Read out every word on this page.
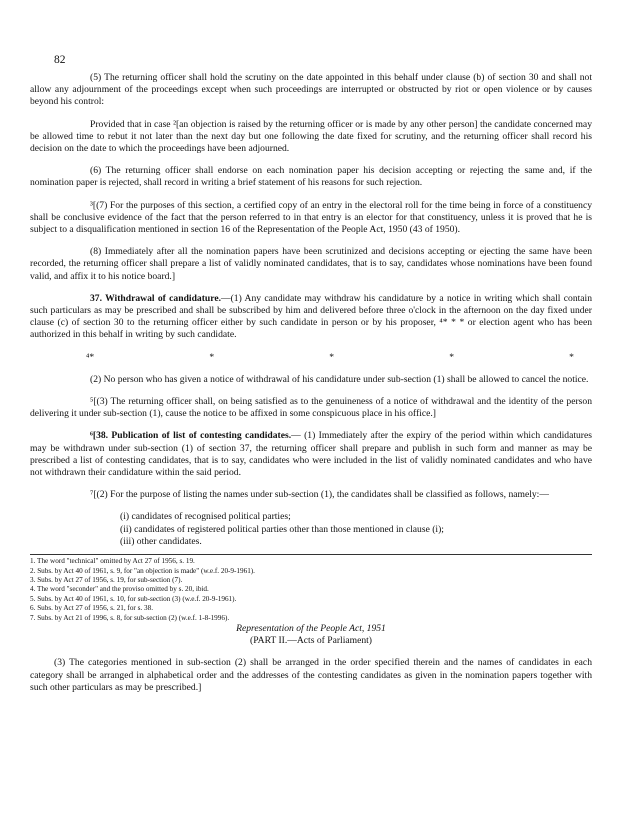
82

(5) The returning officer shall hold the scrutiny on the date appointed in this behalf under clause (b) of section 30 and shall not allow any adjournment of the proceedings except when such proceedings are interrupted or obstructed by riot or open violence or by causes beyond his control:

Provided that in case ²[an objection is raised by the returning officer or is made by any other person] the candidate concerned may be allowed time to rebut it not later than the next day but one following the date fixed for scrutiny, and the returning officer shall record his decision on the date to which the proceedings have been adjourned.

(6) The returning officer shall endorse on each nomination paper his decision accepting or rejecting the same and, if the nomination paper is rejected, shall record in writing a brief statement of his reasons for such rejection.

³[(7) For the purposes of this section, a certified copy of an entry in the electoral roll for the time being in force of a constituency shall be conclusive evidence of the fact that the person referred to in that entry is an elector for that constituency, unless it is proved that he is subject to a disqualification mentioned in section 16 of the Representation of the People Act, 1950 (43 of 1950).

(8) Immediately after all the nomination papers have been scrutinized and decisions accepting or ejecting the same have been recorded, the returning officer shall prepare a list of validly nominated candidates, that is to say, candidates whose nominations have been found valid, and affix it to his notice board.]

37. Withdrawal of candidature.—(1) Any candidate may withdraw his candidature by a notice in writing which shall contain such particulars as may be prescribed and shall be subscribed by him and delivered before three o'clock in the afternoon on the day fixed under clause (c) of section 30 to the returning officer either by such candidate in person or by his proposer, ⁴* * * or election agent who has been authorized in this behalf in writing by such candidate.

⁴*	*	*	*	*

(2) No person who has given a notice of withdrawal of his candidature under sub-section (1) shall be allowed to cancel the notice.

⁵[(3) The returning officer shall, on being satisfied as to the genuineness of a notice of withdrawal and the identity of the person delivering it under sub-section (1), cause the notice to be affixed in some conspicuous place in his office.]

⁶[38. Publication of list of contesting candidates.— (1) Immediately after the expiry of the period within which candidatures may be withdrawn under sub-section (1) of section 37, the returning officer shall prepare and publish in such form and manner as may be prescribed a list of contesting candidates, that is to say, candidates who were included in the list of validly nominated candidates and who have not withdrawn their candidature within the said period.

⁷[(2) For the purpose of listing the names under sub-section (1), the candidates shall be classified as follows, namely:—

(i) candidates of recognised political parties;

(ii) candidates of registered political parties other than those mentioned in clause (i);

(iii) other candidates.

1. The word "technical" omitted by Act 27 of 1956, s. 19.

2. Subs. by Act 40 of 1961, s. 9, for "an objection is made" (w.e.f. 20-9-1961).

3. Subs. by Act 27 of 1956, s. 19, for sub-section (7).

4. The word "seconder" and the proviso omitted by s. 20, ibid.

5. Subs. by Act 40 of 1961, s. 10, for sub-section (3) (w.e.f. 20-9-1961).

6. Subs. by Act 27 of 1956, s. 21, for s. 38.

7. Subs. by Act 21 of 1996, s. 8, for sub-section (2) (w.e.f. 1-8-1996).

Representation of the People Act, 1951

(PART II.—Acts of Parliament)

(3) The categories mentioned in sub-section (2) shall be arranged in the order specified therein and the names of candidates in each category shall be arranged in alphabetical order and the addresses of the contesting candidates as given in the nomination papers together with such other particulars as may be prescribed.]
